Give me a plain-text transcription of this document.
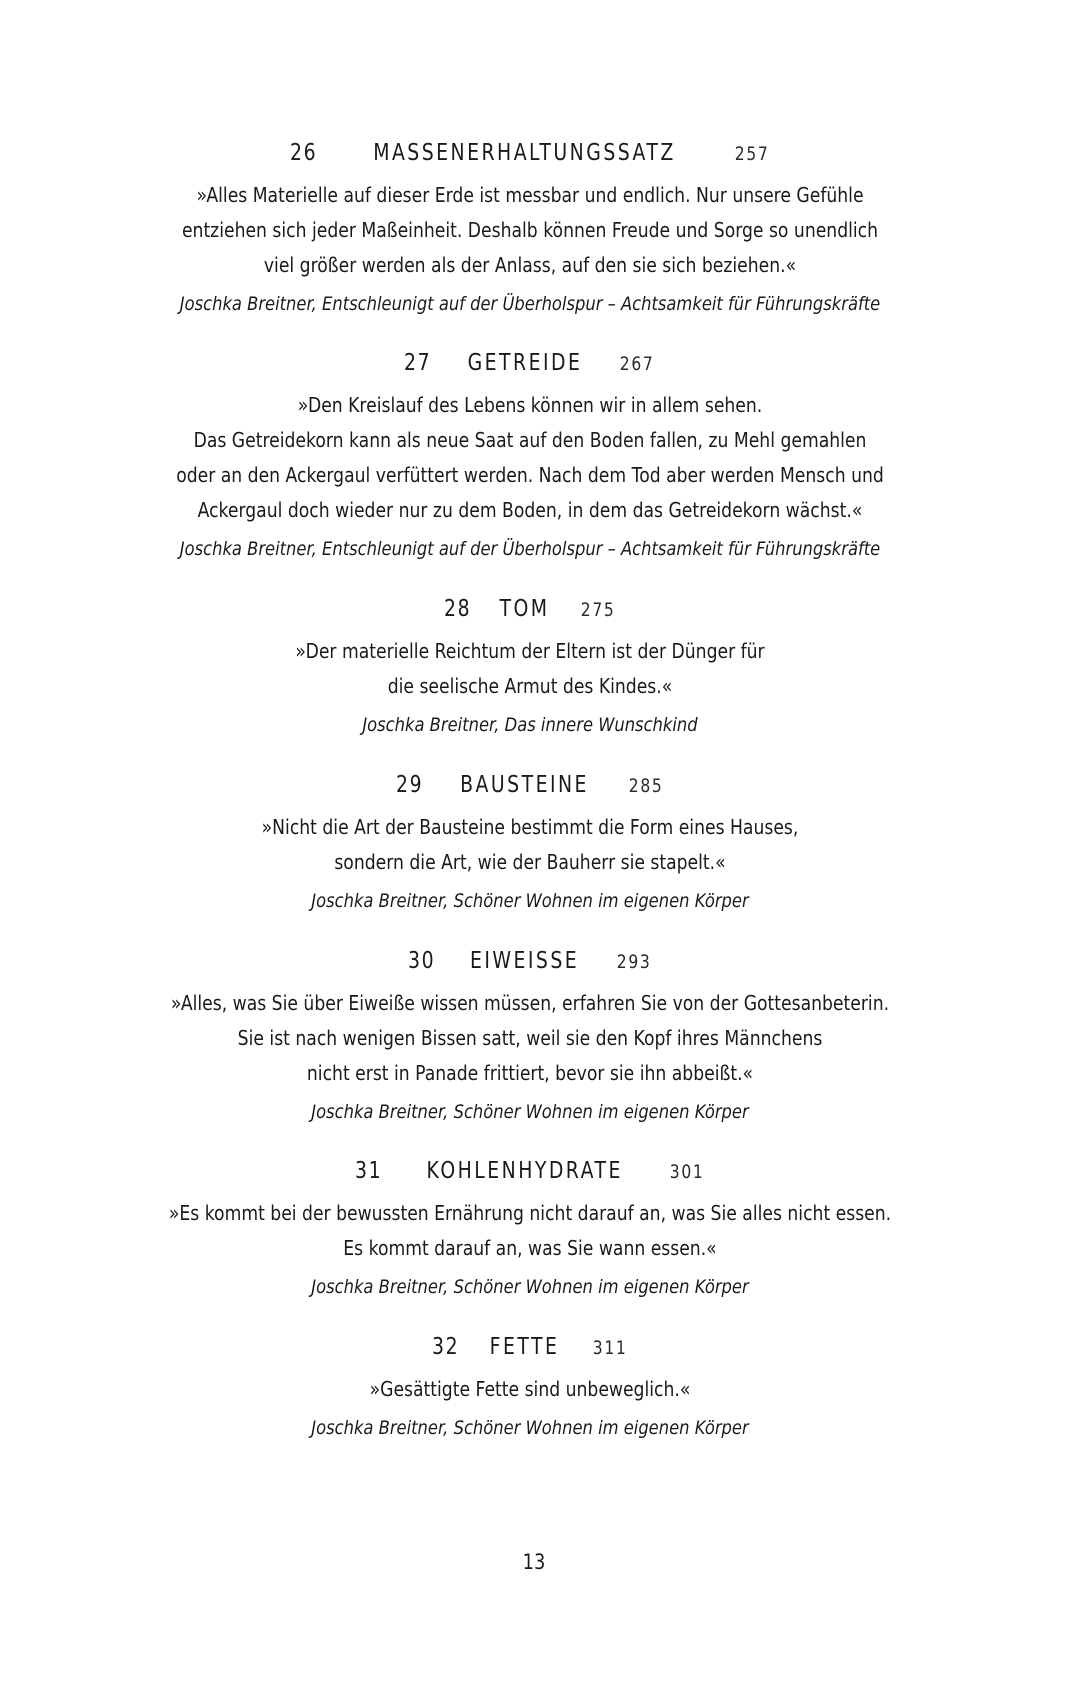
26 MASSENERHALTUNGSSATZ	257
»Alles Materielle auf dieser Erde ist messbar und endlich. Nur unsere Gefühle
entziehen sich jeder Maßeinheit. Deshalb können Freude und Sorge so unendlich
viel größer werden als der Anlass, auf den sie sich beziehen.«
Joschka Breitner, Entschleunigt auf der Überholspur – Achtsamkeit für Führungskräfte
27 GETREIDE 267
»Den Kreislauf des Lebens können wir in allem sehen.
Das Getreidekorn kann als neue Saat auf den Boden fallen, zu Mehl gemahlen
oder an den Ackergaul verfüttert werden. Nach dem Tod aber werden Mensch und
Ackergaul doch wieder nur zu dem Boden, in dem das Getreidekorn wächst.«
Joschka Breitner, Entschleunigt auf der Überholspur – Achtsamkeit für Führungskräfte
28 TOM 275
»Der materielle Reichtum der Eltern ist der Dünger für
die seelische Armut des Kindes.«
Joschka Breitner, Das innere Wunschkind
29 BAUSTEINE 285
»Nicht die Art der Bausteine bestimmt die Form eines Hauses,
sondern die Art, wie der Bauherr sie stapelt.«
Joschka Breitner, Schöner Wohnen im eigenen Körper
30 EIWEISSE 293
»Alles, was Sie über Eiweiße wissen müssen, erfahren Sie von der Gottesanbeterin.
Sie ist nach wenigen Bissen satt, weil sie den Kopf ihres Männchens
nicht erst in Panade frittiert, bevor sie ihn abbeißt.«
Joschka Breitner, Schöner Wohnen im eigenen Körper
31 KOHLENHYDRATE 301
»Es kommt bei der bewussten Ernährung nicht darauf an, was Sie alles nicht essen.
Es kommt darauf an, was Sie wann essen.«
Joschka Breitner, Schöner Wohnen im eigenen Körper
32 FETTE 311
»Gesättigte Fette sind unbeweglich.«
Joschka Breitner, Schöner Wohnen im eigenen Körper
13
